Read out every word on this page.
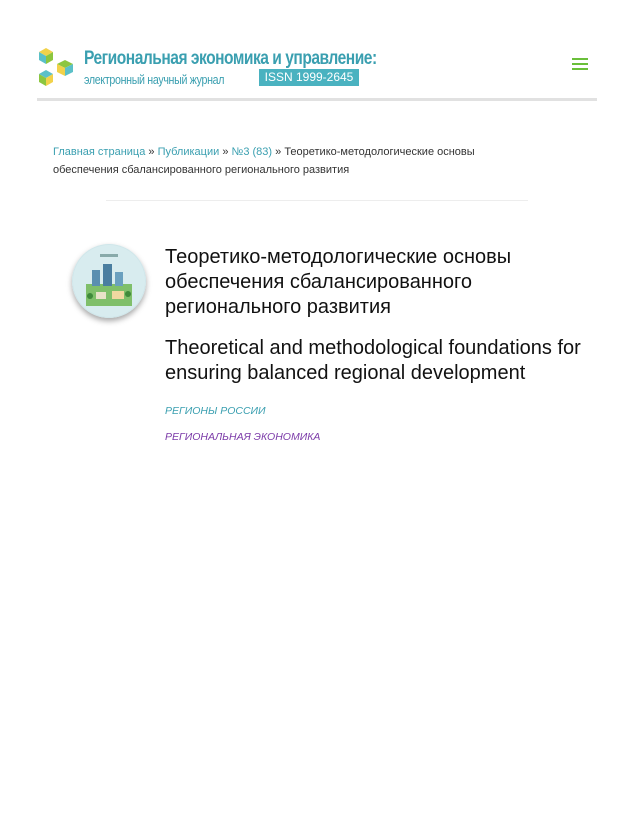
Региональная экономика и управление:
электронный научный журнал	ISSN 1999-2645
Главная страница » Публикации » №3 (83) » Теоретико-методологические основы обеспечения сбалансированного регионального развития
Теоретико-методологические основы обеспечения сбалансированного регионального развития
Theoretical and methodological foundations for ensuring balanced regional development
РЕГИОНЫ РОССИИ
РЕГИОНАЛЬНАЯ ЭКОНОМИКА
